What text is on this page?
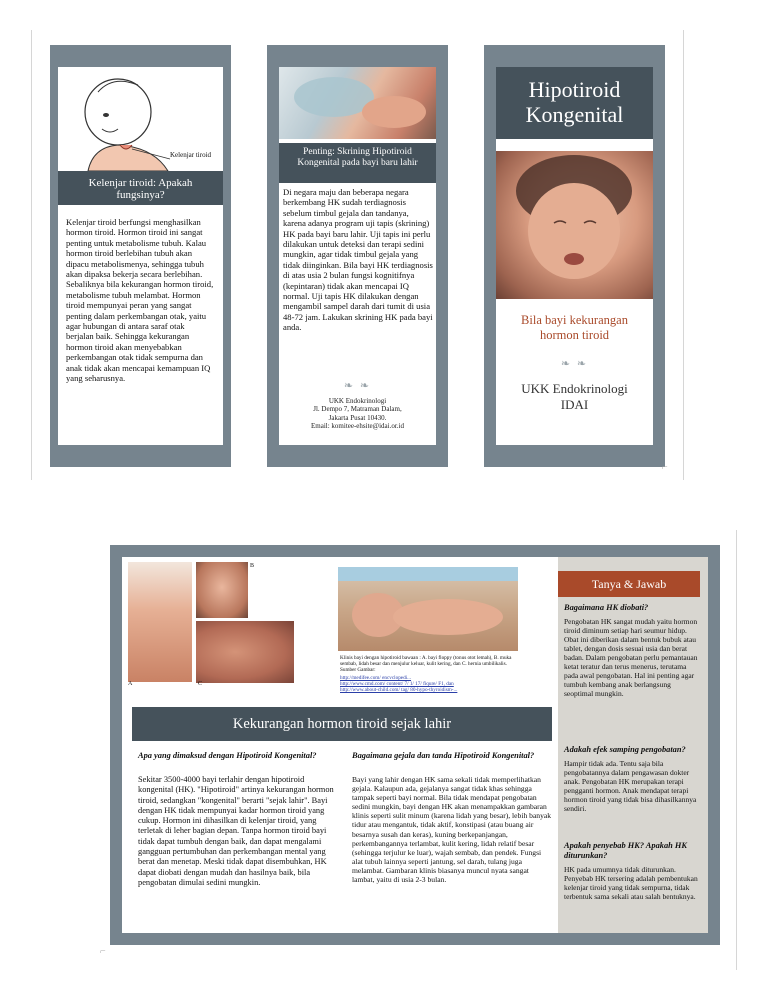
Kelenjar tiroid
Kelenjar tiroid: Apakah fungsinya?
Kelenjar tiroid berfungsi menghasilkan hormon tiroid. Hormon tiroid ini sangat penting untuk metabolisme tubuh. Kalau hormon tiroid berlebihan tubuh akan dipacu metabolismenya, sehingga tubuh akan dipaksa bekerja secara berlebihan. Sebaliknya bila kekurangan hormon tiroid, metabolisme tubuh melambat. Hormon tiroid mempunyai peran yang sangat penting dalam perkembangan otak, yaitu agar hubungan di antara saraf otak berjalan baik. Sehingga kekurangan hormon tiroid akan menyebabkan perkembangan otak tidak sempurna dan anak tidak akan mencapai kemampuan IQ yang seharusnya.
Penting: Skrining Hipotiroid Kongenital pada bayi baru lahir
Di negara maju dan beberapa negara berkembang HK sudah terdiagnosis sebelum timbul gejala dan tandanya, karena adanya program uji tapis (skrining) HK pada bayi baru lahir. Uji tapis ini perlu dilakukan untuk deteksi dan terapi sedini mungkin, agar tidak timbul gejala yang tidak diinginkan. Bila bayi HK terdiagnosis di atas usia 2 bulan fungsi kognitifnya (kepintaran) tidak akan mencapai IQ normal. Uji tapis HK dilakukan dengan mengambil sampel darah dari tumit di usia 48-72 jam. Lakukan skrining HK pada bayi anda.
❧ ❧
UKK Endokrinologi
Jl. Dempo 7, Matraman Dalam,
Jakarta Pusat 10430.
Email: komitee-ehsite@idai.or.id
Hipotiroid Kongenital
Bila bayi kekurangan hormon tiroid
❧ ❧
UKK Endokrinologi IDAI
⌐
A
B
C
Klinis bayi dengan hipotiroid bawaan : A. bayi floppy (tonus otot lemah), B. muka sembab, lidah besar dan menjulur keluar, kulit kering, dan C. hernia umbilikalis. Sumber Gambar:
http://medifee.com/ encvclopedi...
http://www.cmd.com/ content/ 7/ 1/ 17/ fiqure/ F1, dan
http://www.about-child.com/ tag/ 80-hypo-thyroidism-...
Kekurangan hormon tiroid sejak lahir
Apa yang dimaksud dengan Hipotiroid Kongenital?
Sekitar 3500-4000 bayi terlahir dengan hipotiroid kongenital (HK). "Hipotiroid" artinya kekurangan hormon tiroid, sedangkan "kongenital" berarti "sejak lahir". Bayi dengan HK tidak mempunyai kadar hormon tiroid yang cukup. Hormon ini dihasilkan di kelenjar tiroid, yang terletak di leher bagian depan. Tanpa hormon tiroid bayi tidak dapat tumbuh dengan baik, dan dapat mengalami gangguan pertumbuhan dan perkembangan mental yang berat dan menetap. Meski tidak dapat disembuhkan, HK dapat diobati dengan mudah dan hasilnya baik, bila pengobatan dimulai sedini mungkin.
Bagaimana gejala dan tanda Hipotiroid Kongenital?
Bayi yang lahir dengan HK sama sekali tidak memperlihatkan gejala. Kalaupun ada, gejalanya sangat tidak khas sehingga tampak seperti bayi normal. Bila tidak mendapat pengobatan sedini mungkin, bayi dengan HK akan menampakkan gambaran klinis seperti sulit minum (karena lidah yang besar), lebih banyak tidur atau mengantuk, tidak aktif, konstipasi (atau buang air besarnya susah dan keras), kuning berkepanjangan, perkembangannya terlambat, kulit kering, lidah relatif besar (sehingga terjulur ke luar), wajah sembab, dan pendek. Fungsi alat tubuh lainnya seperti jantung, sel darah, tulang juga melambat. Gambaran klinis biasanya muncul nyata sangat lambat, yaitu di usia 2-3 bulan.
Tanya & Jawab
Bagaimana HK diobati?
Pengobatan HK sangat mudah yaitu hormon tiroid diminum setiap hari seumur hidup. Obat ini diberikan dalam bentuk bubuk atau tablet, dengan dosis sesuai usia dan berat badan. Dalam pengobatan perlu pemantauan ketat teratur dan terus menerus, terutama pada awal pengobatan. Hal ini penting agar tumbuh kembang anak berlangsung seoptimal mungkin.
Adakah efek samping pengobatan?
Hampir tidak ada. Tentu saja bila pengobatannya dalam pengawasan dokter anak. Pengobatan HK merupakan terapi pengganti hormon. Anak mendapat terapi hormon tiroid yang tidak bisa dihasilkannya sendiri.
Apakah penyebab HK? Apakah HK diturunkan?
HK pada umumnya tidak diturunkan. Penyebab HK tersering adalah pembentukan kelenjar tiroid yang tidak sempurna, tidak terbentuk sama sekali atau salah bentuknya.
⌐
